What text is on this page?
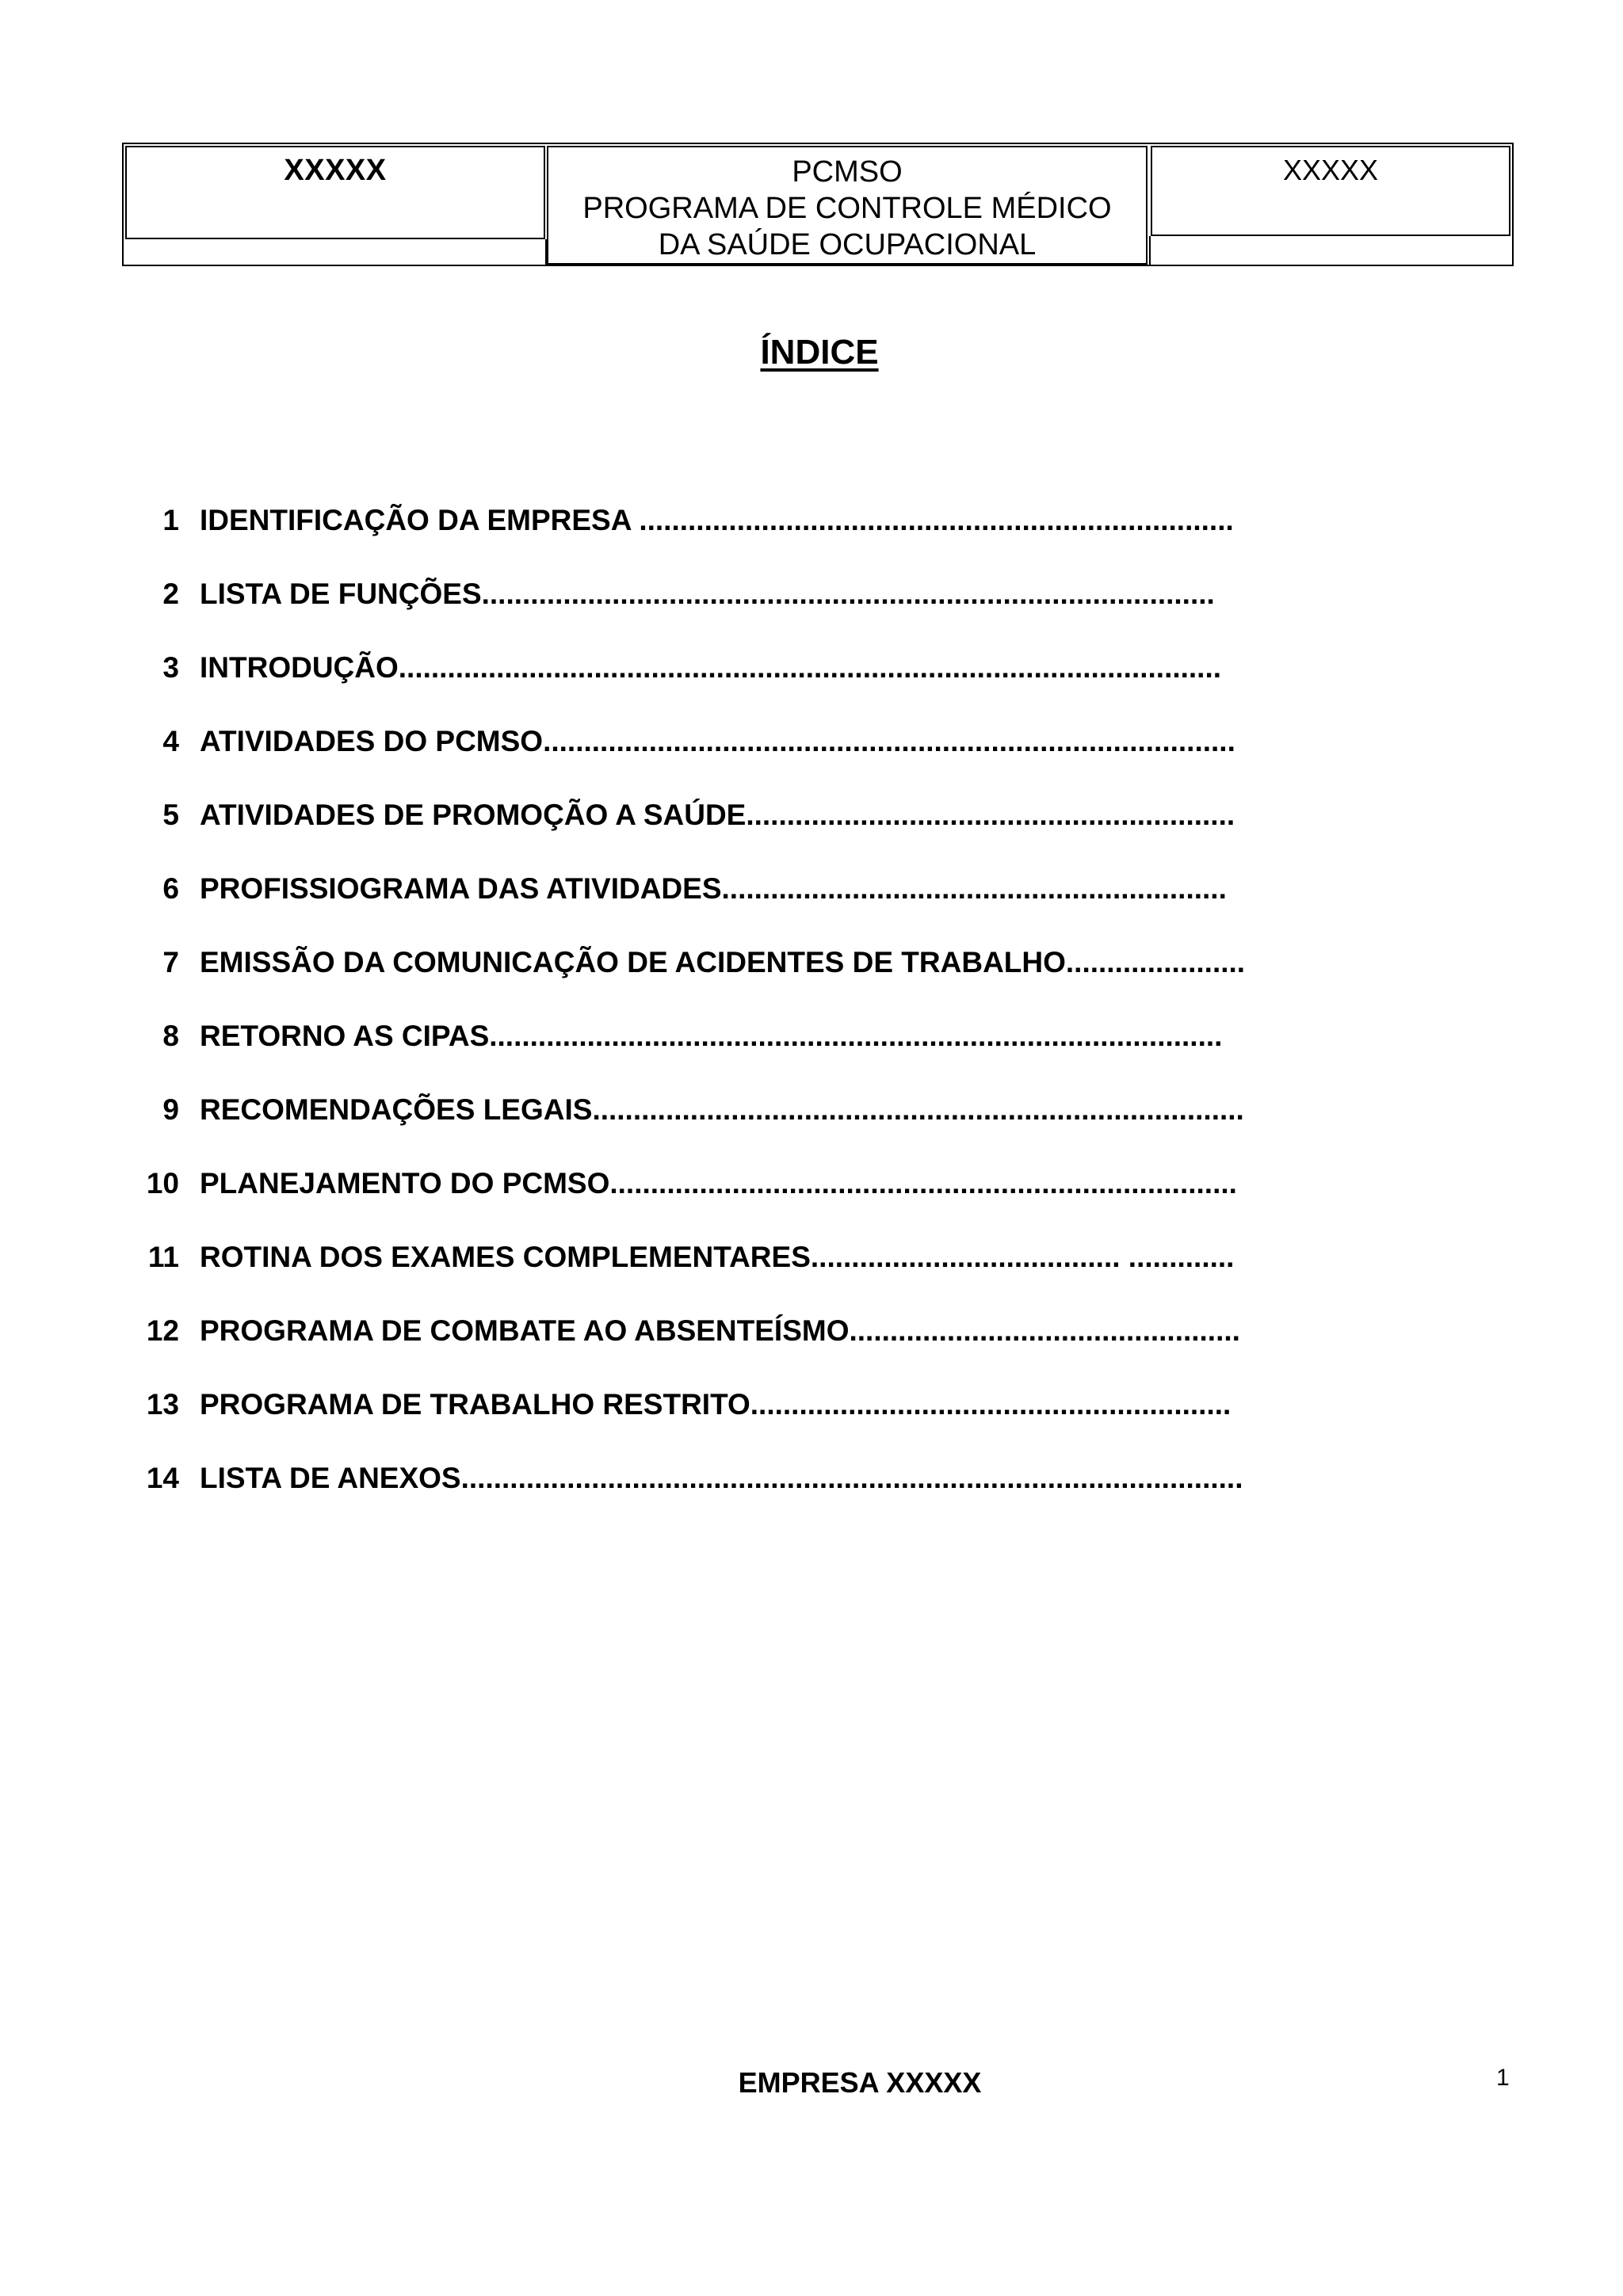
XXXXX	PCMSO
PROGRAMA DE CONTROLE MÉDICO
DA SAÚDE OCUPACIONAL
XXXXX
ÍNDICE
1 IDENTIFICAÇÃO DA EMPRESA .........................................................................
2 LISTA DE FUNÇÕES..........................................................................................
3 INTRODUÇÃO.....................................................................................................
4 ATIVIDADES DO PCMSO.....................................................................................
5 ATIVIDADES DE PROMOÇÃO A SAÚDE............................................................
6 PROFISSIOGRAMA DAS ATIVIDADES..............................................................
7 EMISSÃO DA COMUNICAÇÃO DE ACIDENTES DE TRABALHO......................
8 RETORNO AS CIPAS..........................................................................................
9 RECOMENDAÇÕES LEGAIS................................................................................
10 PLANEJAMENTO DO PCMSO.............................................................................
11 ROTINA DOS EXAMES COMPLEMENTARES...................................... .............
12 PROGRAMA DE COMBATE AO ABSENTEÍSMO................................................
13 PROGRAMA DE TRABALHO RESTRITO...........................................................
14 LISTA DE ANEXOS................................................................................................
EMPRESA XXXXX	1
